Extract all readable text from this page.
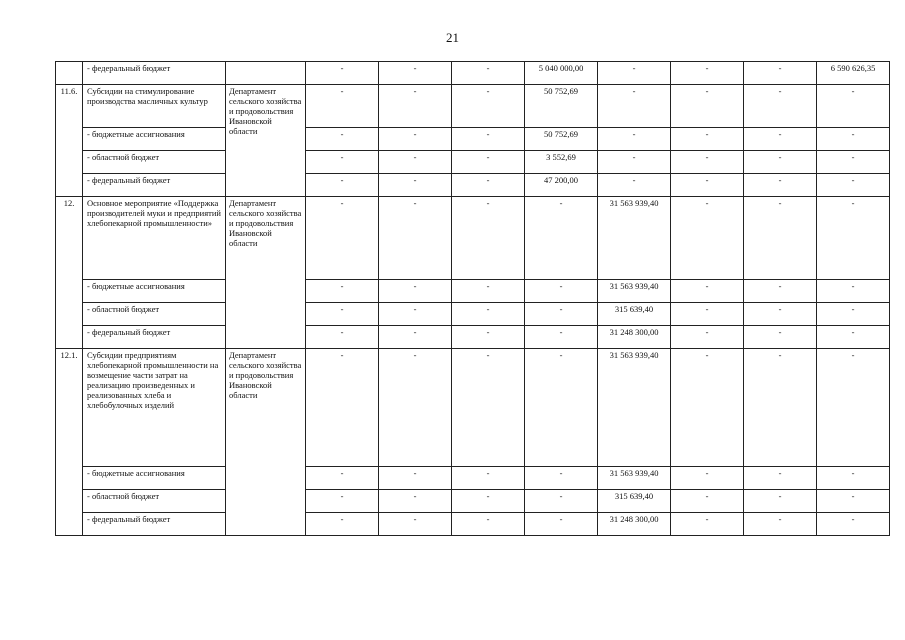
21
	- федеральный бюджет		-	-	-	5 040 000,00	-	-	-	6 590 626,35
11.6.	Субсидии на стимулирование производства масличных культур	Департамент сельского хозяйства и продовольствия Ивановской области	-	-	-	50 752,69	-	-	-	-
	- бюджетные ассигнования		-	-	-	50 752,69	-	-	-	-
	- областной бюджет		-	-	-	3 552,69	-	-	-	-
	- федеральный бюджет		-	-	-	47 200,00	-	-	-	-
12.	Основное мероприятие «Поддержка производителей муки и предприятий хлебопекарной промышленности»	Департамент сельского хозяйства и продовольствия Ивановской области	-	-	-	-	31 563 939,40	-	-	-
	- бюджетные ассигнования		-	-	-	-	31 563 939,40	-	-	-
	- областной бюджет		-	-	-	-	315 639,40	-	-	-
	- федеральный бюджет		-	-	-	-	31 248 300,00	-	-	-
12.1.	Субсидии предприятиям хлебопекарной промышленности на возмещение части затрат на реализацию произведенных и реализованных хлеба и хлебобулочных изделий	Департамент сельского хозяйства и продовольствия Ивановской области	-	-	-	-	31 563 939,40	-	-	-
	- бюджетные ассигнования		-	-	-	-	31 563 939,40	-	-	-
	- областной бюджет		-	-	-	-	315 639,40	-	-	-
	- федеральный бюджет		-	-	-	-	31 248 300,00	-	-	-
